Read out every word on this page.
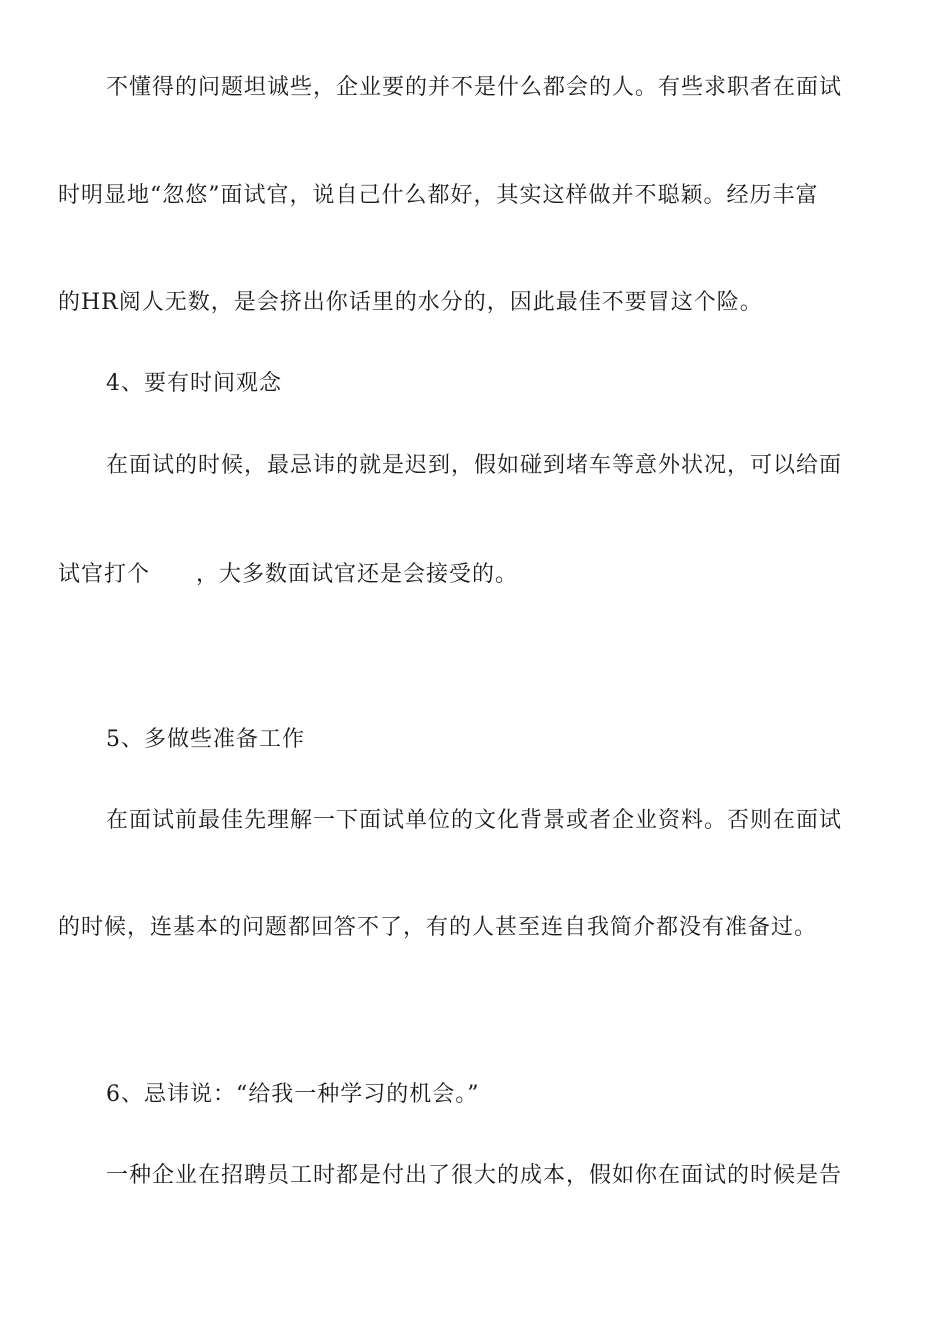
不懂得的问题坦诚些，企业要的并不是什么都会的人。有些求职者在面试

时明显地“忽悠”面试官，说自己什么都好，其实这样做并不聪颖。经历丰富

的HR阅人无数，是会挤出你话里的水分的，因此最佳不要冒这个险。

4、要有时间观念

在面试的时候，最忌讳的就是迟到，假如碰到堵车等意外状况，可以给面

试官打个　　，大多数面试官还是会接受的。

5、多做些准备工作

在面试前最佳先理解一下面试单位的文化背景或者企业资料。否则在面试

的时候，连基本的问题都回答不了，有的人甚至连自我简介都没有准备过。

6、忌讳说：“给我一种学习的机会。”

一种企业在招聘员工时都是付出了很大的成本，假如你在面试的时候是告
